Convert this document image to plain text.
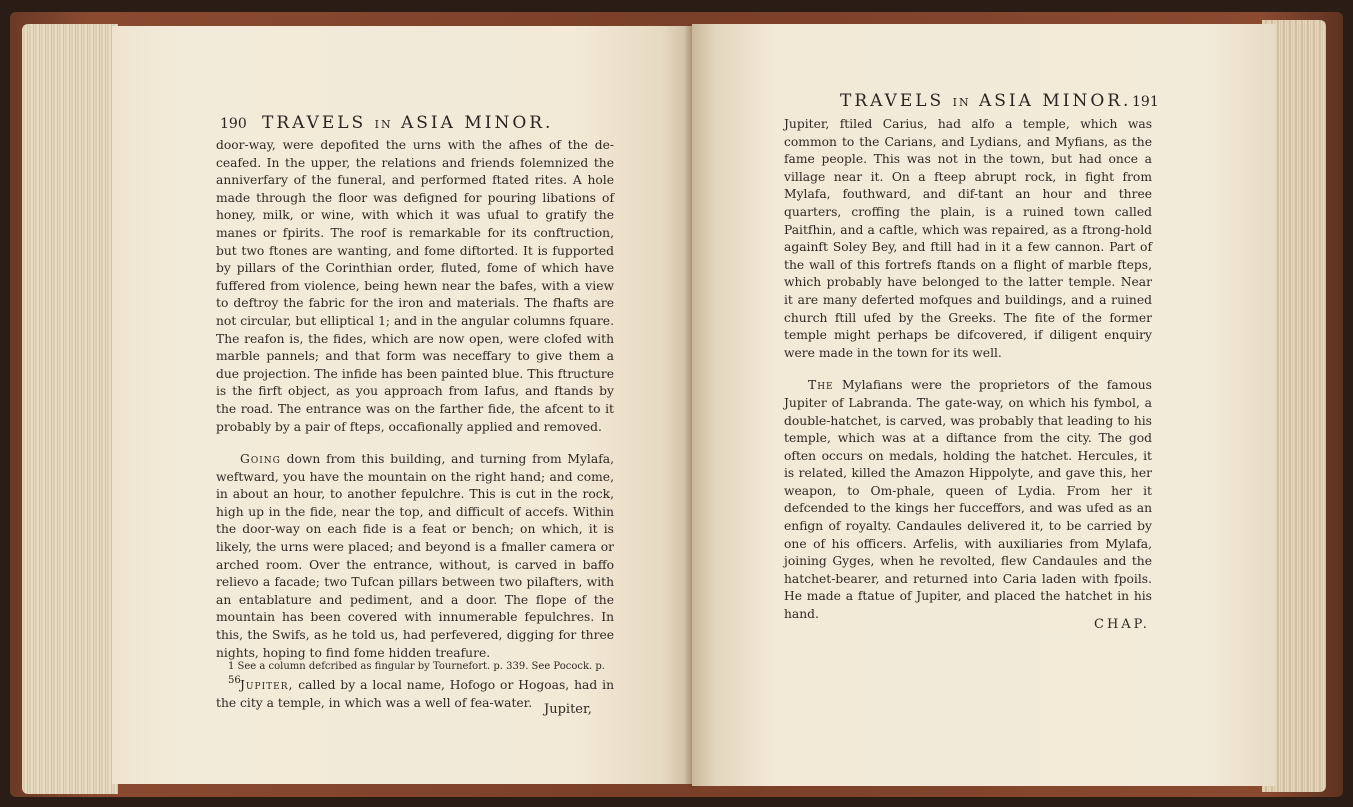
190 TRAVELS IN ASIA MINOR.

door-way, were depofited the urns with the afhes of the de-ceafed. In the upper, the relations and friends folemnized the anniverfary of the funeral, and performed ftated rites. A hole made through the floor was defigned for pouring libations of honey, milk, or wine, with which it was ufual to gratify the manes or fpirits. The roof is remarkable for its conftruction, but two ftones are wanting, and fome diftorted. It is fupported by pillars of the Corinthian order, fluted, fome of which have fuffered from violence, being hewn near the bafes, with a view to deftroy the fabric for the iron and materials. The fhafts are not circular, but elliptical 1; and in the angular columns fquare. The reafon is, the fides, which are now open, were clofed with marble pannels; and that form was neceffary to give them a due projection. The infide has been painted blue. This ftructure is the firft object, as you approach from Iafus, and ftands by the road. The entrance was on the farther fide, the afcent to it probably by a pair of fteps, occafionally applied and removed.

Going down from this building, and turning from Mylafa, weftward, you have the mountain on the right hand; and come, in about an hour, to another fepulchre. This is cut in the rock, high up in the fide, near the top, and difficult of accefs. Within the door-way on each fide is a feat or bench; on which, it is likely, the urns were placed; and beyond is a fmaller camera or arched room. Over the entrance, without, is carved in baffo relievo a facade; two Tufcan pillars between two pilafters, with an entablature and pediment, and a door. The flope of the mountain has been covered with innumerable fepulchres. In this, the Swifs, as he told us, had perfevered, digging for three nights, hoping to find fome hidden treafure.

Jupiter, called by a local name, Hofogo or Hogoas, had in the city a temple, in which was a well of fea-water.

1 See a column defcribed as fingular by Tournefort. p. 339. See Pocock. p. 56.
Jupiter,
TRAVELS IN ASIA MINOR. 191

Jupiter, ftiled Carius, had alfo a temple, which was common to the Carians, and Lydians, and Myfians, as the fame people. This was not in the town, but had once a village near it. On a fteep abrupt rock, in fight from Mylafa, fouthward, and dif-tant an hour and three quarters, croffing the plain, is a ruined town called Paitfhin, and a caftle, which was repaired, as a ftrong-hold againft Soley Bey, and ftill had in it a few cannon. Part of the wall of this fortrefs ftands on a flight of marble fteps, which probably have belonged to the latter temple. Near it are many deferted mofques and buildings, and a ruined church ftill ufed by the Greeks. The fite of the former temple might perhaps be difcovered, if diligent enquiry were made in the town for its well.

The Mylafians were the proprietors of the famous Jupiter of Labranda. The gate-way, on which his fymbol, a double-hatchet, is carved, was probably that leading to his temple, which was at a diftance from the city. The god often occurs on medals, holding the hatchet. Hercules, it is related, killed the Amazon Hippolyte, and gave this, her weapon, to Om-phale, queen of Lydia. From her it defcended to the kings her fucceffors, and was ufed as an enfign of royalty. Candaules delivered it, to be carried by one of his officers. Arfelis, with auxiliaries from Mylafa, joining Gyges, when he revolted, flew Candaules and the hatchet-bearer, and returned into Caria laden with fpoils. He made a ftatue of Jupiter, and placed the hatchet in his hand.

CHAP.
